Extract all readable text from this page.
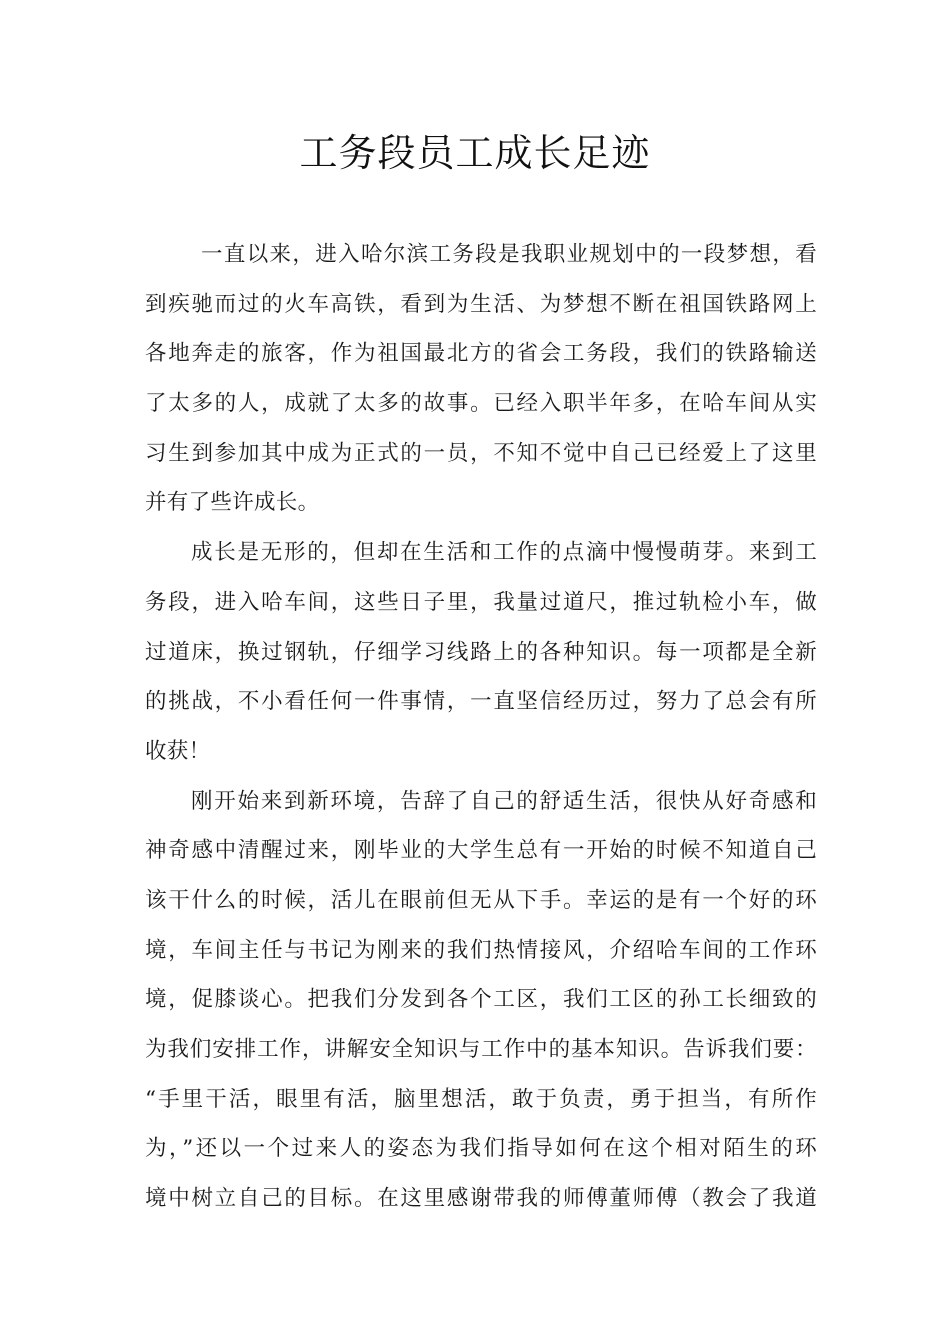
工务段员工成长足迹
一直以来，进入哈尔滨工务段是我职业规划中的一段梦想，看
到疾驰而过的火车高铁，看到为生活、为梦想不断在祖国铁路网上
各地奔走的旅客，作为祖国最北方的省会工务段，我们的铁路输送
了太多的人，成就了太多的故事。已经入职半年多，在哈车间从实
习生到参加其中成为正式的一员，不知不觉中自己已经爱上了这里
并有了些许成长。
成长是无形的，但却在生活和工作的点滴中慢慢萌芽。来到工
务段，进入哈车间，这些日子里，我量过道尺，推过轨检小车，做
过道床，换过钢轨，仔细学习线路上的各种知识。每一项都是全新
的挑战，不小看任何一件事情，一直坚信经历过，努力了总会有所
收获！
刚开始来到新环境，告辞了自己的舒适生活，很快从好奇感和
神奇感中清醒过来，刚毕业的大学生总有一开始的时候不知道自己
该干什么的时候，活儿在眼前但无从下手。幸运的是有一个好的环
境，车间主任与书记为刚来的我们热情接风，介绍哈车间的工作环
境，促膝谈心。把我们分发到各个工区，我们工区的孙工长细致的
为我们安排工作，讲解安全知识与工作中的基本知识。告诉我们要：
“手里干活，眼里有活，脑里想活，敢于负责，勇于担当，有所作
为，”还以一个过来人的姿态为我们指导如何在这个相对陌生的环
境中树立自己的目标。在这里感谢带我的师傅董师傅（教会了我道
